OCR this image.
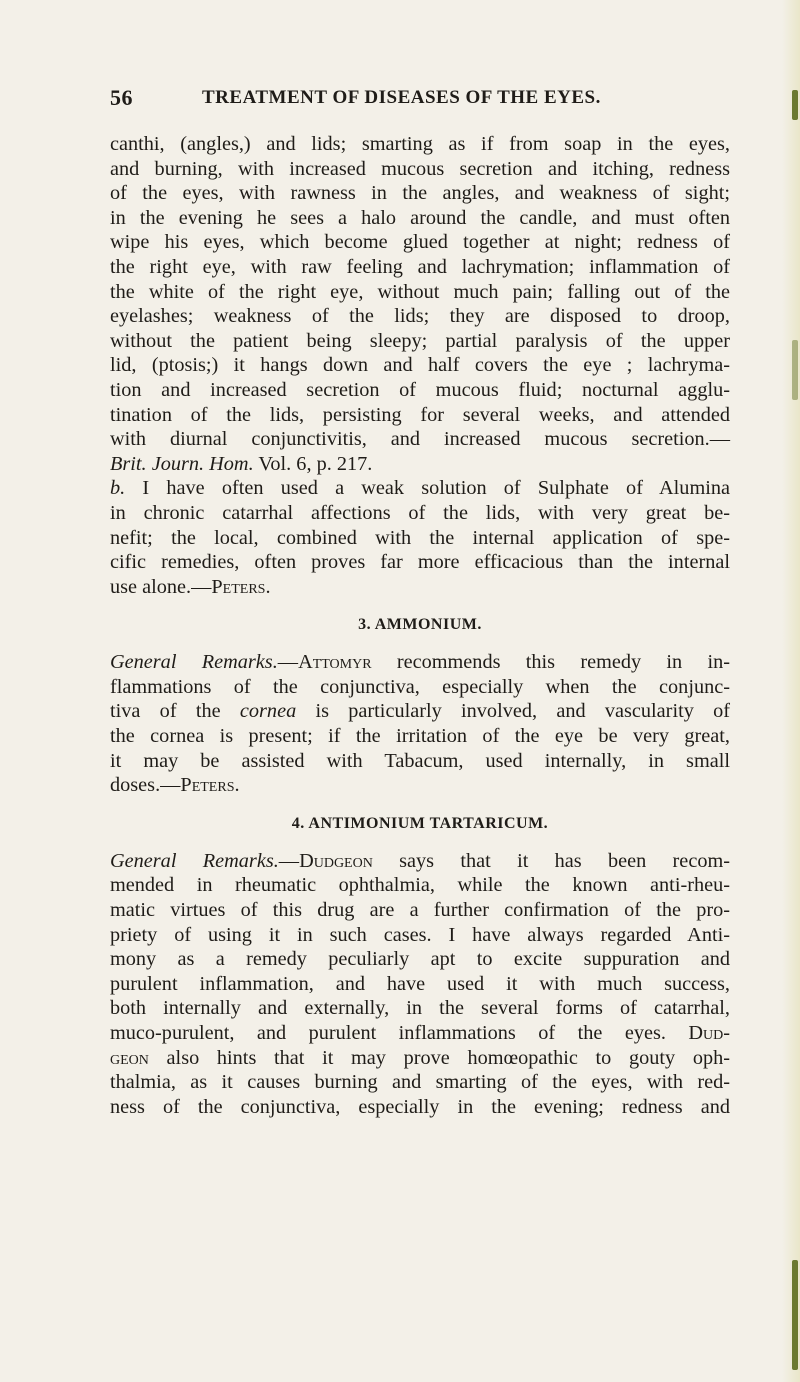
56	TREATMENT OF DISEASES OF THE EYES.
canthi, (angles,) and lids; smarting as if from soap in the eyes,
and burning, with increased mucous secretion and itching, redness
of the eyes, with rawness in the angles, and weakness of sight;
in the evening he sees a halo around the candle, and must often
wipe his eyes, which become glued together at night; redness of
the right eye, with raw feeling and lachrymation; inflammation of
the white of the right eye, without much pain; falling out of the
eyelashes; weakness of the lids; they are disposed to droop,
without the patient being sleepy; partial paralysis of the upper
lid, (ptosis;) it hangs down and half covers the eye ; lachryma-
tion and increased secretion of mucous fluid; nocturnal agglu-
tination of the lids, persisting for several weeks, and attended
with diurnal conjunctivitis, and increased mucous secretion.—
Brit. Journ. Hom. Vol. 6, p. 217.
b. I have often used a weak solution of Sulphate of Alumina
in chronic catarrhal affections of the lids, with very great be-
nefit; the local, combined with the internal application of spe-
cific remedies, often proves far more efficacious than the internal
use alone.—Peters.
3. AMMONIUM.
General Remarks.—Attomyr recommends this remedy in in-
flammations of the conjunctiva, especially when the conjunc-
tiva of the cornea is particularly involved, and vascularity of
the cornea is present; if the irritation of the eye be very great,
it may be assisted with Tabacum, used internally, in small
doses.—Peters.
4. ANTIMONIUM TARTARICUM.
General Remarks.—Dudgeon says that it has been recom-
mended in rheumatic ophthalmia, while the known anti-rheu-
matic virtues of this drug are a further confirmation of the pro-
priety of using it in such cases. I have always regarded Anti-
mony as a remedy peculiarly apt to excite suppuration and
purulent inflammation, and have used it with much success,
both internally and externally, in the several forms of catarrhal,
muco-purulent, and purulent inflammations of the eyes. Dud-
geon also hints that it may prove homœopathic to gouty oph-
thalmia, as it causes burning and smarting of the eyes, with red-
ness of the conjunctiva, especially in the evening; redness and
